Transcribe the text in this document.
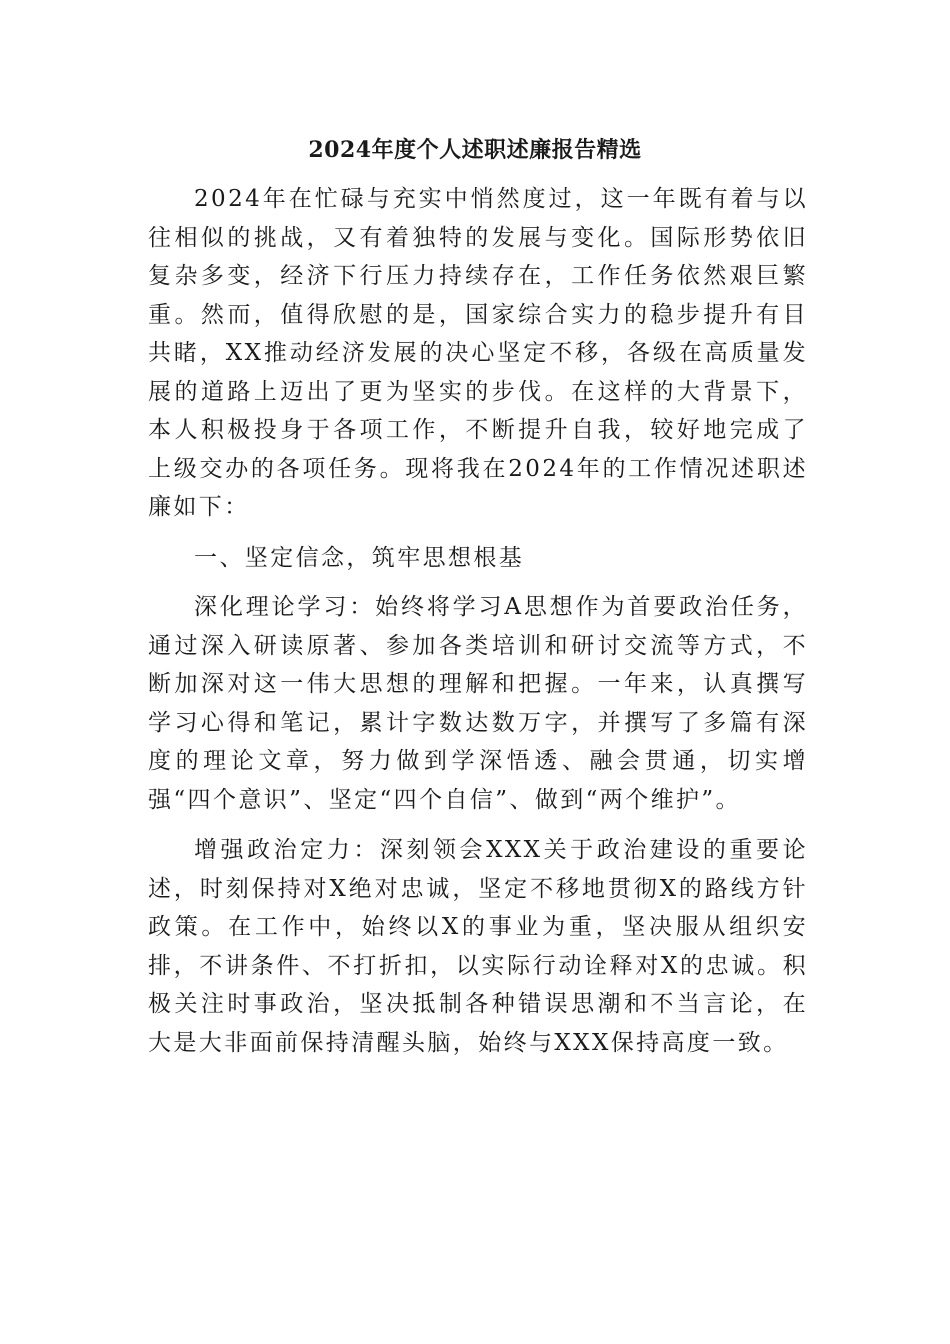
2024年度个人述职述廉报告精选

2024年在忙碌与充实中悄然度过，这一年既有着与以往相似的挑战，又有着独特的发展与变化。国际形势依旧复杂多变，经济下行压力持续存在，工作任务依然艰巨繁重。然而，值得欣慰的是，国家综合实力的稳步提升有目共睹，XX推动经济发展的决心坚定不移，各级在高质量发展的道路上迈出了更为坚实的步伐。在这样的大背景下，本人积极投身于各项工作，不断提升自我，较好地完成了上级交办的各项任务。现将我在2024年的工作情况述职述廉如下：

一、坚定信念，筑牢思想根基

深化理论学习：始终将学习A思想作为首要政治任务，通过深入研读原著、参加各类培训和研讨交流等方式，不断加深对这一伟大思想的理解和把握。一年来，认真撰写学习心得和笔记，累计字数达数万字，并撰写了多篇有深度的理论文章，努力做到学深悟透、融会贯通，切实增强“四个意识”、坚定“四个自信”、做到“两个维护”。

增强政治定力：深刻领会XXX关于政治建设的重要论述，时刻保持对X绝对忠诚，坚定不移地贯彻X的路线方针政策。在工作中，始终以X的事业为重，坚决服从组织安排，不讲条件、不打折扣，以实际行动诠释对X的忠诚。积极关注时事政治，坚决抵制各种错误思潮和不当言论，在大是大非面前保持清醒头脑，始终与XXX保持高度一致。
